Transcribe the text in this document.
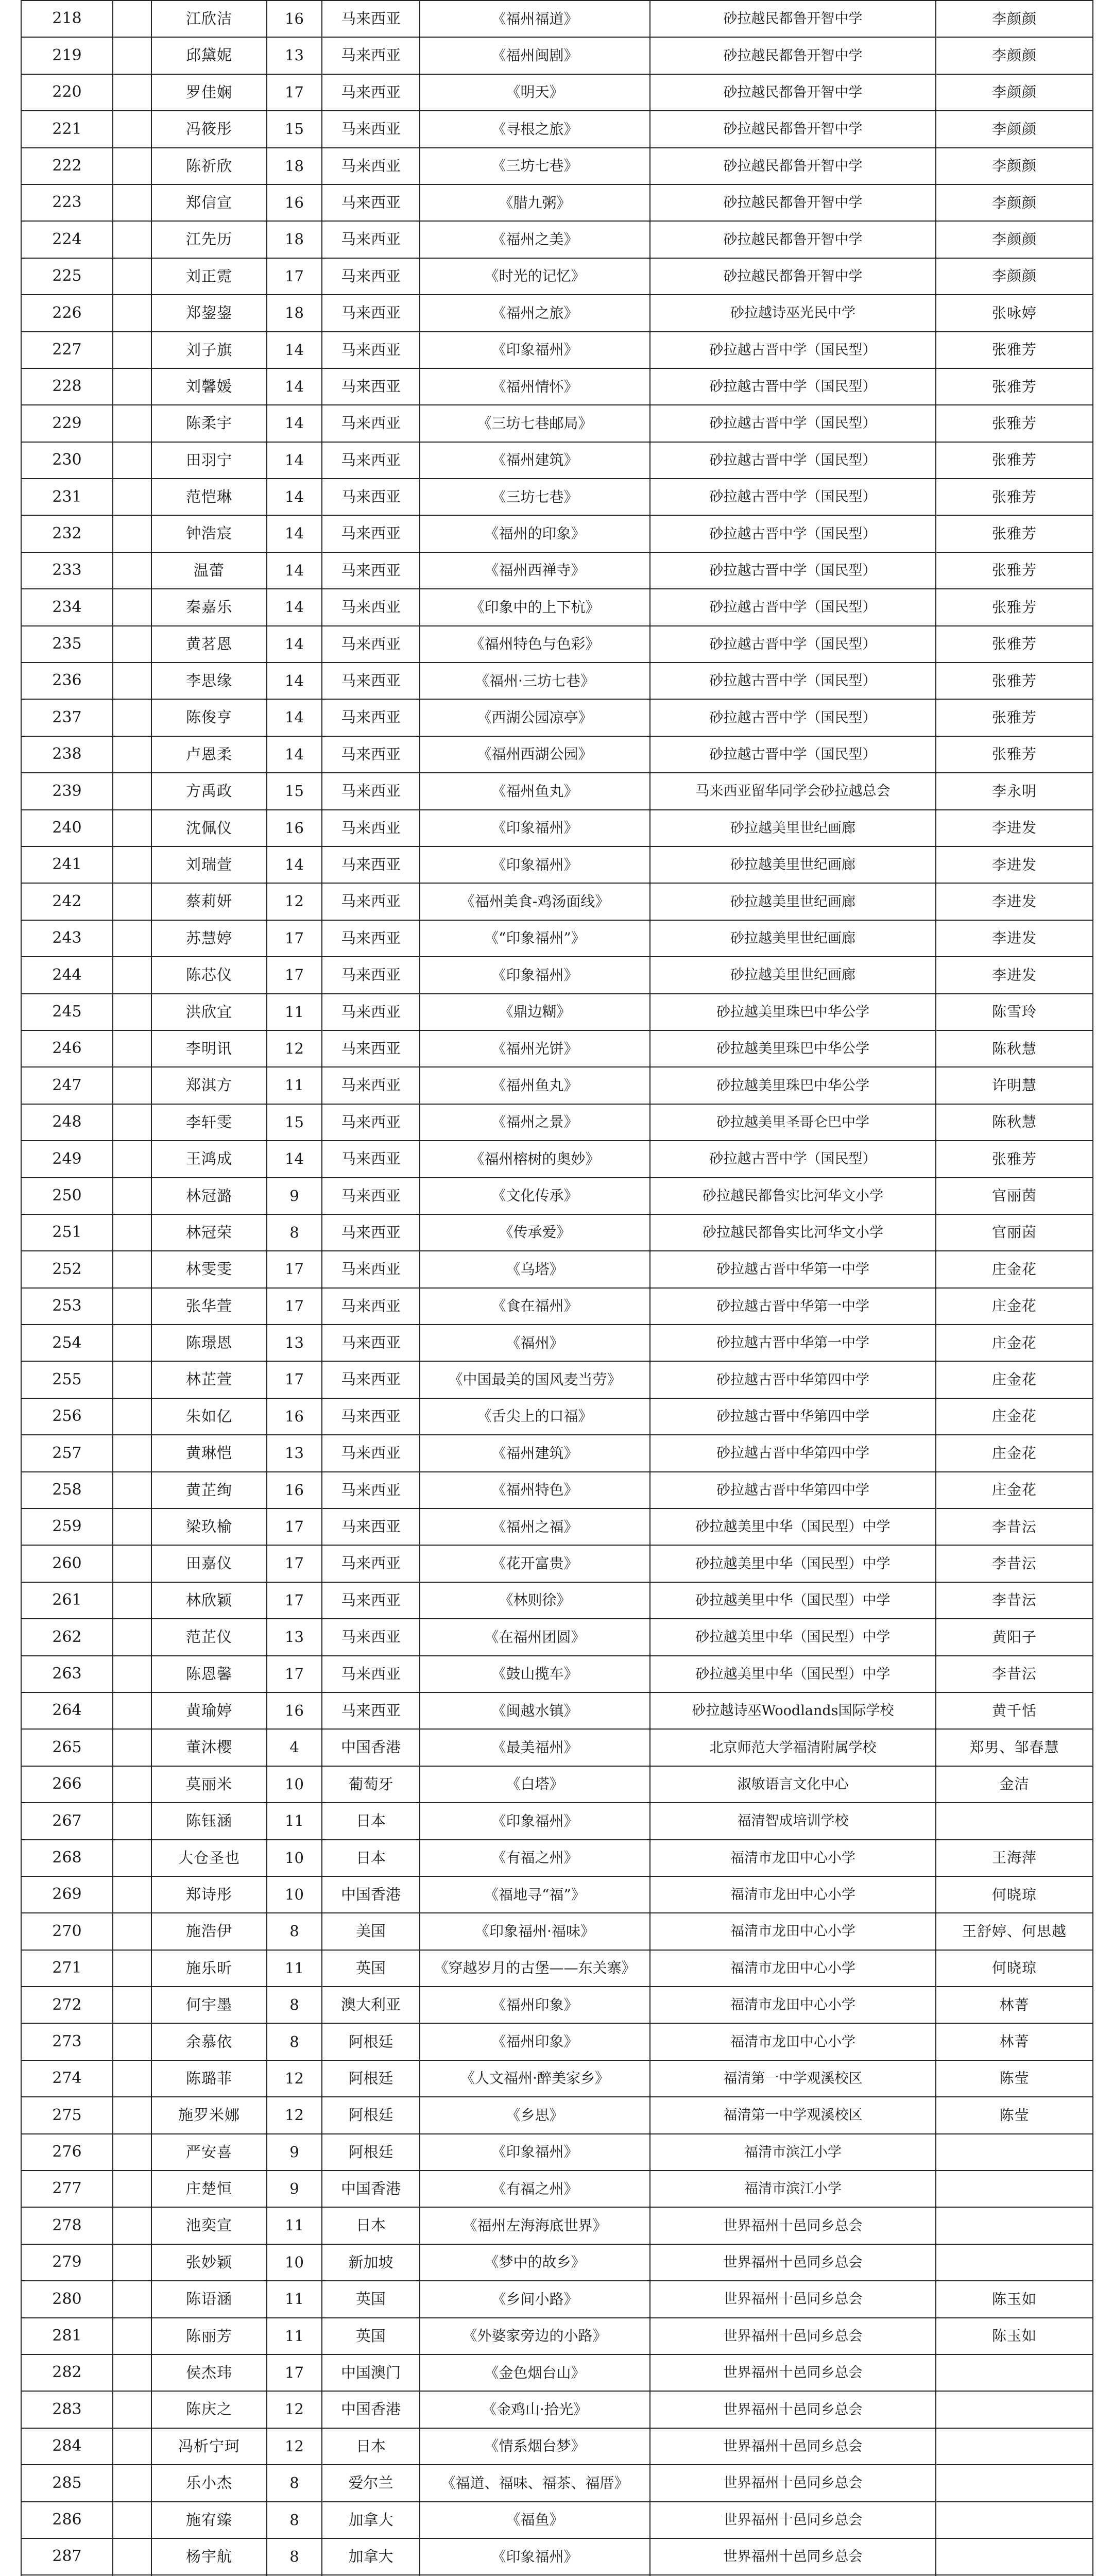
218		江欣洁	16	马来西亚	《福州福道》	砂拉越民都鲁开智中学	李颜颜
219		邱黛妮	13	马来西亚	《福州闽剧》	砂拉越民都鲁开智中学	李颜颜
220		罗佳娴	17	马来西亚	《明天》	砂拉越民都鲁开智中学	李颜颜
221		冯筱彤	15	马来西亚	《寻根之旅》	砂拉越民都鲁开智中学	李颜颜
222		陈祈欣	18	马来西亚	《三坊七巷》	砂拉越民都鲁开智中学	李颜颜
223		郑信宣	16	马来西亚	《腊九粥》	砂拉越民都鲁开智中学	李颜颜
224		江先历	18	马来西亚	《福州之美》	砂拉越民都鲁开智中学	李颜颜
225		刘正霓	17	马来西亚	《时光的记忆》	砂拉越民都鲁开智中学	李颜颜
226		郑鋆鋆	18	马来西亚	《福州之旅》	砂拉越诗巫光民中学	张咏婷
227		刘子旗	14	马来西亚	《印象福州》	砂拉越古晋中学（国民型）	张雅芳
228		刘馨媛	14	马来西亚	《福州情怀》	砂拉越古晋中学（国民型）	张雅芳
229		陈柔宇	14	马来西亚	《三坊七巷邮局》	砂拉越古晋中学（国民型）	张雅芳
230		田羽宁	14	马来西亚	《福州建筑》	砂拉越古晋中学（国民型）	张雅芳
231		范恺琳	14	马来西亚	《三坊七巷》	砂拉越古晋中学（国民型）	张雅芳
232		钟浩宸	14	马来西亚	《福州的印象》	砂拉越古晋中学（国民型）	张雅芳
233		温蕾	14	马来西亚	《福州西禅寺》	砂拉越古晋中学（国民型）	张雅芳
234		秦嘉乐	14	马来西亚	《印象中的上下杭》	砂拉越古晋中学（国民型）	张雅芳
235		黄茗恩	14	马来西亚	《福州特色与色彩》	砂拉越古晋中学（国民型）	张雅芳
236		李思缘	14	马来西亚	《福州·三坊七巷》	砂拉越古晋中学（国民型）	张雅芳
237		陈俊亨	14	马来西亚	《西湖公园凉亭》	砂拉越古晋中学（国民型）	张雅芳
238		卢恩柔	14	马来西亚	《福州西湖公园》	砂拉越古晋中学（国民型）	张雅芳
239		方禹政	15	马来西亚	《福州鱼丸》	马来西亚留华同学会砂拉越总会	李永明
240		沈佩仪	16	马来西亚	《印象福州》	砂拉越美里世纪画廊	李进发
241		刘瑞萱	14	马来西亚	《印象福州》	砂拉越美里世纪画廊	李进发
242		蔡莉妍	12	马来西亚	《福州美食-鸡汤面线》	砂拉越美里世纪画廊	李进发
243		苏慧婷	17	马来西亚	《“印象福州”》	砂拉越美里世纪画廊	李进发
244		陈芯仪	17	马来西亚	《印象福州》	砂拉越美里世纪画廊	李进发
245		洪欣宜	11	马来西亚	《鼎边糊》	砂拉越美里珠巴中华公学	陈雪玲
246		李明讯	12	马来西亚	《福州光饼》	砂拉越美里珠巴中华公学	陈秋慧
247		郑淇方	11	马来西亚	《福州鱼丸》	砂拉越美里珠巴中华公学	许明慧
248		李轩雯	15	马来西亚	《福州之景》	砂拉越美里圣哥仑巴中学	陈秋慧
249		王鸿成	14	马来西亚	《福州榕树的奥妙》	砂拉越古晋中学（国民型）	张雅芳
250		林冠潞	9	马来西亚	《文化传承》	砂拉越民都鲁实比河华文小学	官丽茵
251		林冠荣	8	马来西亚	《传承爱》	砂拉越民都鲁实比河华文小学	官丽茵
252		林雯雯	17	马来西亚	《乌塔》	砂拉越古晋中华第一中学	庄金花
253		张华萱	17	马来西亚	《食在福州》	砂拉越古晋中华第一中学	庄金花
254		陈璟恩	13	马来西亚	《福州》	砂拉越古晋中华第一中学	庄金花
255		林芷萱	17	马来西亚	《中国最美的国风麦当劳》	砂拉越古晋中华第四中学	庄金花
256		朱如亿	16	马来西亚	《舌尖上的口福》	砂拉越古晋中华第四中学	庄金花
257		黄琳恺	13	马来西亚	《福州建筑》	砂拉越古晋中华第四中学	庄金花
258		黄芷绚	16	马来西亚	《福州特色》	砂拉越古晋中华第四中学	庄金花
259		梁玖榆	17	马来西亚	《福州之福》	砂拉越美里中华（国民型）中学	李昔沄
260		田嘉仪	17	马来西亚	《花开富贵》	砂拉越美里中华（国民型）中学	李昔沄
261		林欣颖	17	马来西亚	《林则徐》	砂拉越美里中华（国民型）中学	李昔沄
262		范芷仪	13	马来西亚	《在福州团圆》	砂拉越美里中华（国民型）中学	黄阳子
263		陈恩馨	17	马来西亚	《鼓山揽车》	砂拉越美里中华（国民型）中学	李昔沄
264		黄瑜婷	16	马来西亚	《闽越水镇》	砂拉越诗巫Woodlands国际学校	黄千恬
265		董沐樱	4	中国香港	《最美福州》	北京师范大学福清附属学校	郑男、邹春慧
266		莫丽米	10	葡萄牙	《白塔》	淑敏语言文化中心	金洁
267		陈钰涵	11	日本	《印象福州》	福清智成培训学校	
268		大仓圣也	10	日本	《有福之州》	福清市龙田中心小学	王海萍
269		郑诗彤	10	中国香港	《福地寻“福”》	福清市龙田中心小学	何晓琼
270		施浩伊	8	美国	《印象福州·福味》	福清市龙田中心小学	王舒婷、何思越
271		施乐昕	11	英国	《穿越岁月的古堡——东关寨》	福清市龙田中心小学	何晓琼
272		何宇墨	8	澳大利亚	《福州印象》	福清市龙田中心小学	林菁
273		余慕依	8	阿根廷	《福州印象》	福清市龙田中心小学	林菁
274		陈璐菲	12	阿根廷	《人文福州·醉美家乡》	福清第一中学观溪校区	陈莹
275		施罗米娜	12	阿根廷	《乡思》	福清第一中学观溪校区	陈莹
276		严安喜	9	阿根廷	《印象福州》	福清市滨江小学	
277		庄楚恒	9	中国香港	《有福之州》	福清市滨江小学	
278		池奕宣	11	日本	《福州左海海底世界》	世界福州十邑同乡总会	
279		张妙颖	10	新加坡	《梦中的故乡》	世界福州十邑同乡总会	
280		陈语涵	11	英国	《乡间小路》	世界福州十邑同乡总会	陈玉如
281		陈丽芳	11	英国	《外婆家旁边的小路》	世界福州十邑同乡总会	陈玉如
282		侯杰玮	17	中国澳门	《金色烟台山》	世界福州十邑同乡总会	
283		陈庆之	12	中国香港	《金鸡山·拾光》	世界福州十邑同乡总会	
284		冯析宁珂	12	日本	《情系烟台梦》	世界福州十邑同乡总会	
285		乐小杰	8	爱尔兰	《福道、福味、福茶、福厝》	世界福州十邑同乡总会	
286		施宥臻	8	加拿大	《福鱼》	世界福州十邑同乡总会	
287		杨宇航	8	加拿大	《印象福州》	世界福州十邑同乡总会	
